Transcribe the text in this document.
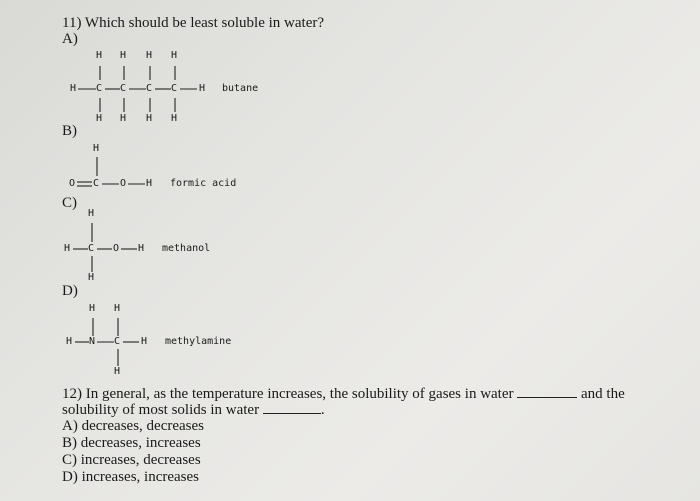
11) Which should be least soluble in water?
A)
B)
C)
D)
H H H H
H C C C C H butane
H H H H
H
O C O H formic acid
H
H C O H methanol
H
H H
H N C H methylamine
H
12) In general, as the temperature increases, the solubility of gases in water	and the
solubility of most solids in water	.
A) decreases, decreases
B) decreases, increases
C) increases, decreases
D) increases, increases
